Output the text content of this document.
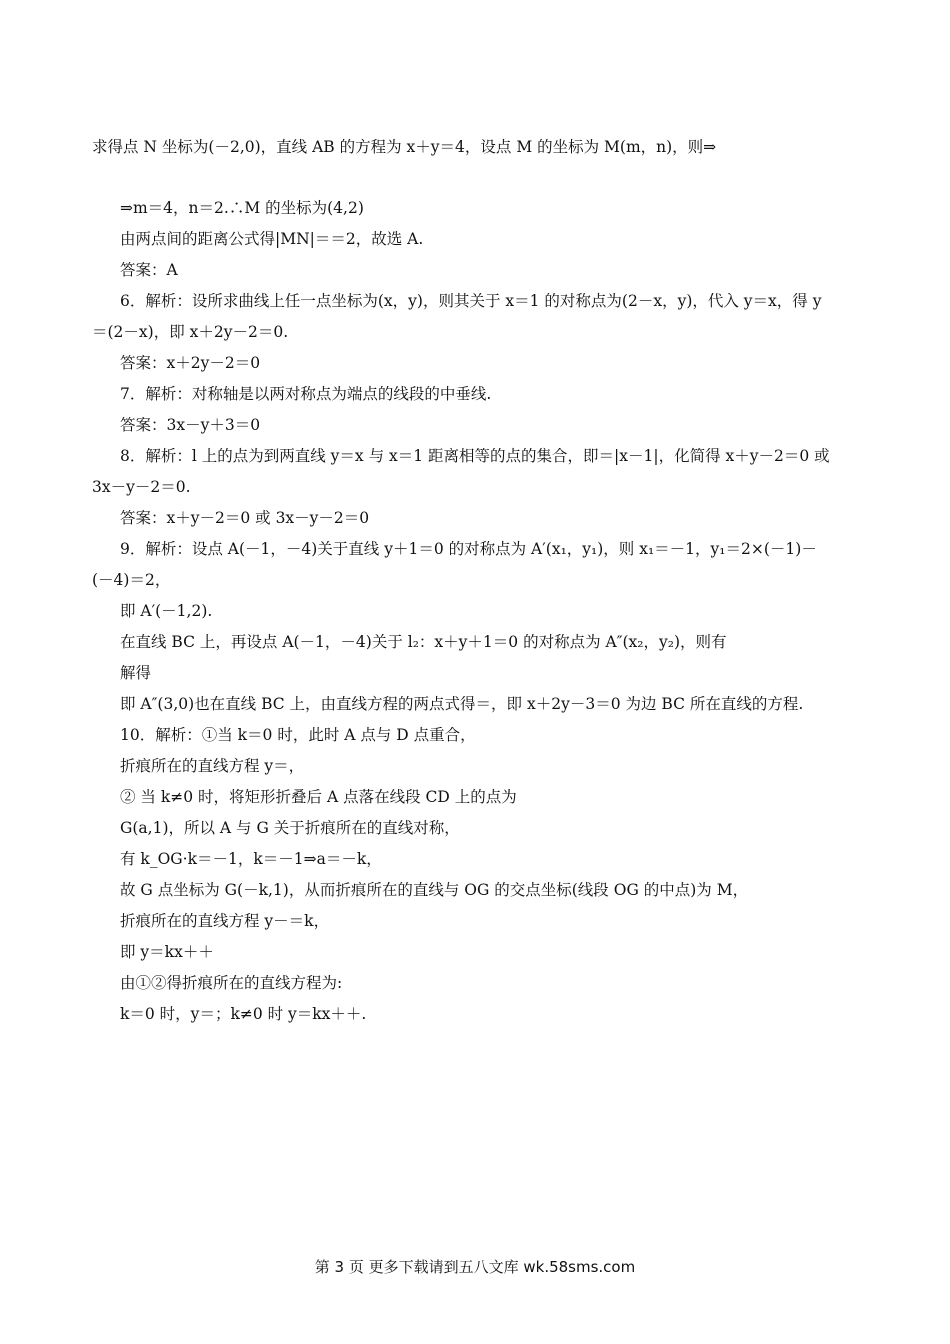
求得点 N 坐标为(－2,0)，直线 AB 的方程为 x＋y＝4，设点 M 的坐标为 M(m，n)，则⇒
⇒m＝4，n＝2.∴M 的坐标为(4,2)
由两点间的距离公式得|MN|＝＝2，故选 A.
答案：A
6．解析：设所求曲线上任一点坐标为(x，y)，则其关于 x＝1 的对称点为(2－x，y)，代入 y＝x，得 y
＝(2－x)，即 x＋2y－2＝0.
答案：x＋2y－2＝0
7．解析：对称轴是以两对称点为端点的线段的中垂线.
答案：3x－y＋3＝0
8．解析：l 上的点为到两直线 y＝x 与 x＝1 距离相等的点的集合，即＝|x－1|，化简得 x＋y－2＝0 或
3x－y－2＝0.
答案：x＋y－2＝0 或 3x－y－2＝0
9．解析：设点 A(－1，－4)关于直线 y＋1＝0 的对称点为 A′(x₁，y₁)，则 x₁＝－1，y₁＝2×(－1)－
(－4)＝2，
即 A′(－1,2).
在直线 BC 上，再设点 A(－1，－4)关于 l₂：x＋y＋1＝0 的对称点为 A″(x₂，y₂)，则有
解得
即 A″(3,0)也在直线 BC 上，由直线方程的两点式得＝，即 x＋2y－3＝0 为边 BC 所在直线的方程.
10．解析：①当 k＝0 时，此时 A 点与 D 点重合，
折痕所在的直线方程 y＝，
② 当 k≠0 时，将矩形折叠后 A 点落在线段 CD 上的点为
G(a,1)，所以 A 与 G 关于折痕所在的直线对称，
有 k_OG·k＝－1，k＝－1⇒a＝－k，
故 G 点坐标为 G(－k,1)，从而折痕所在的直线与 OG 的交点坐标(线段 OG 的中点)为 M，
折痕所在的直线方程 y－＝k，
即 y＝kx＋＋
由①②得折痕所在的直线方程为:
k＝0 时，y＝；k≠0 时 y＝kx＋＋.
第 3 页 更多下载请到五八文库 wk.58sms.com
